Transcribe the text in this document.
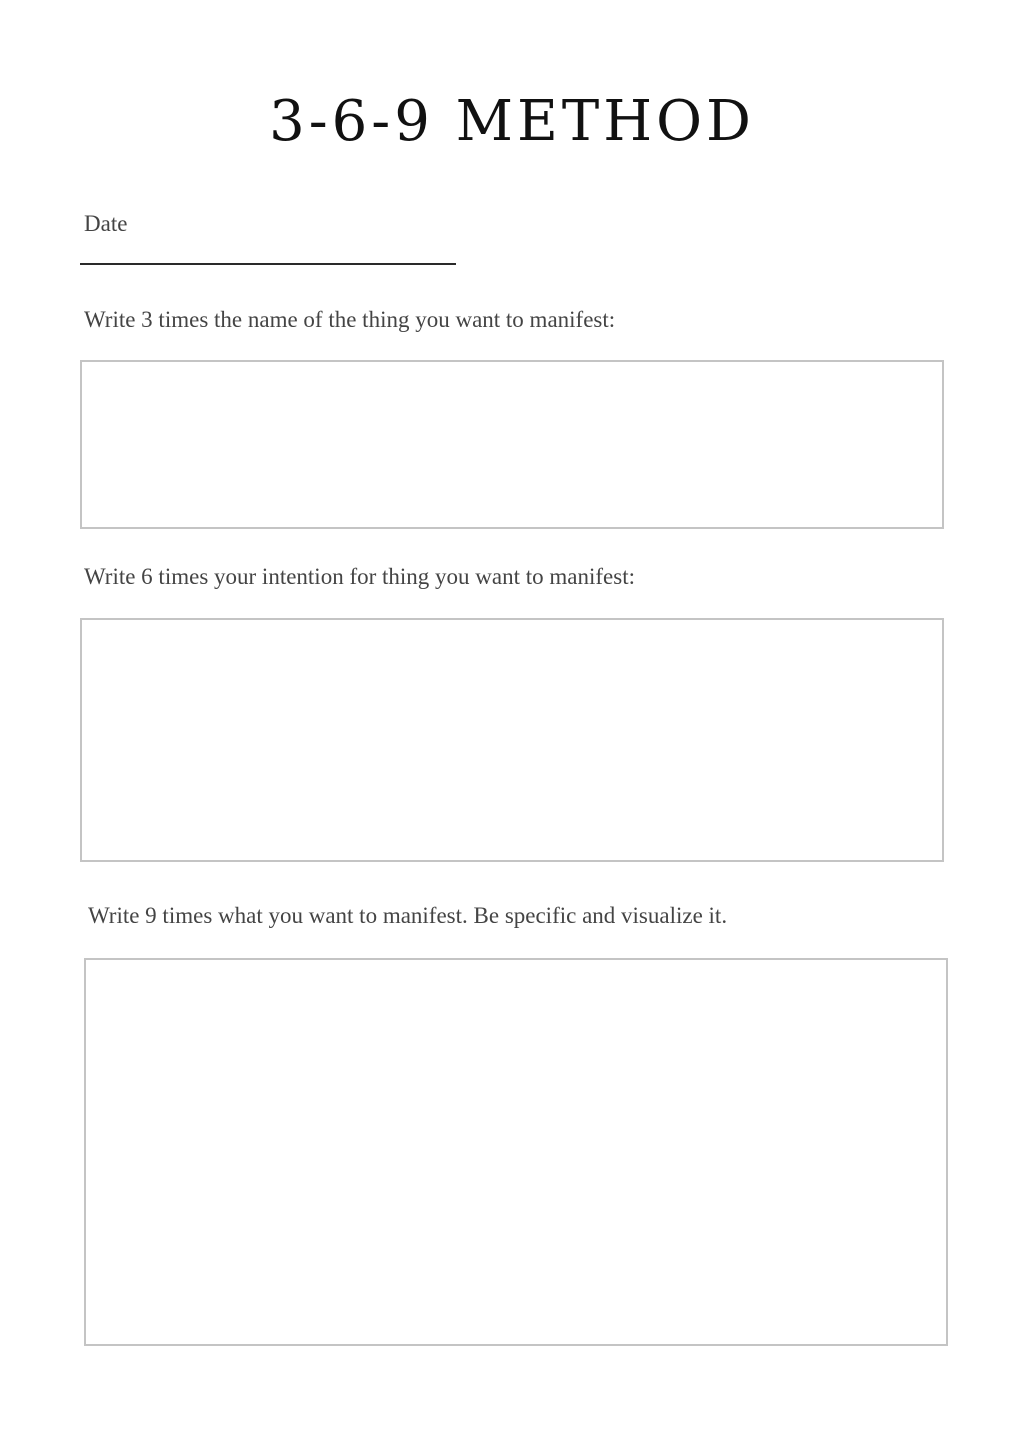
3-6-9 METHOD
Date
Write 3 times the name of the thing you want to manifest:
Write 6 times your intention for thing you want to manifest:
Write 9 times what you want to manifest. Be specific and visualize it.
